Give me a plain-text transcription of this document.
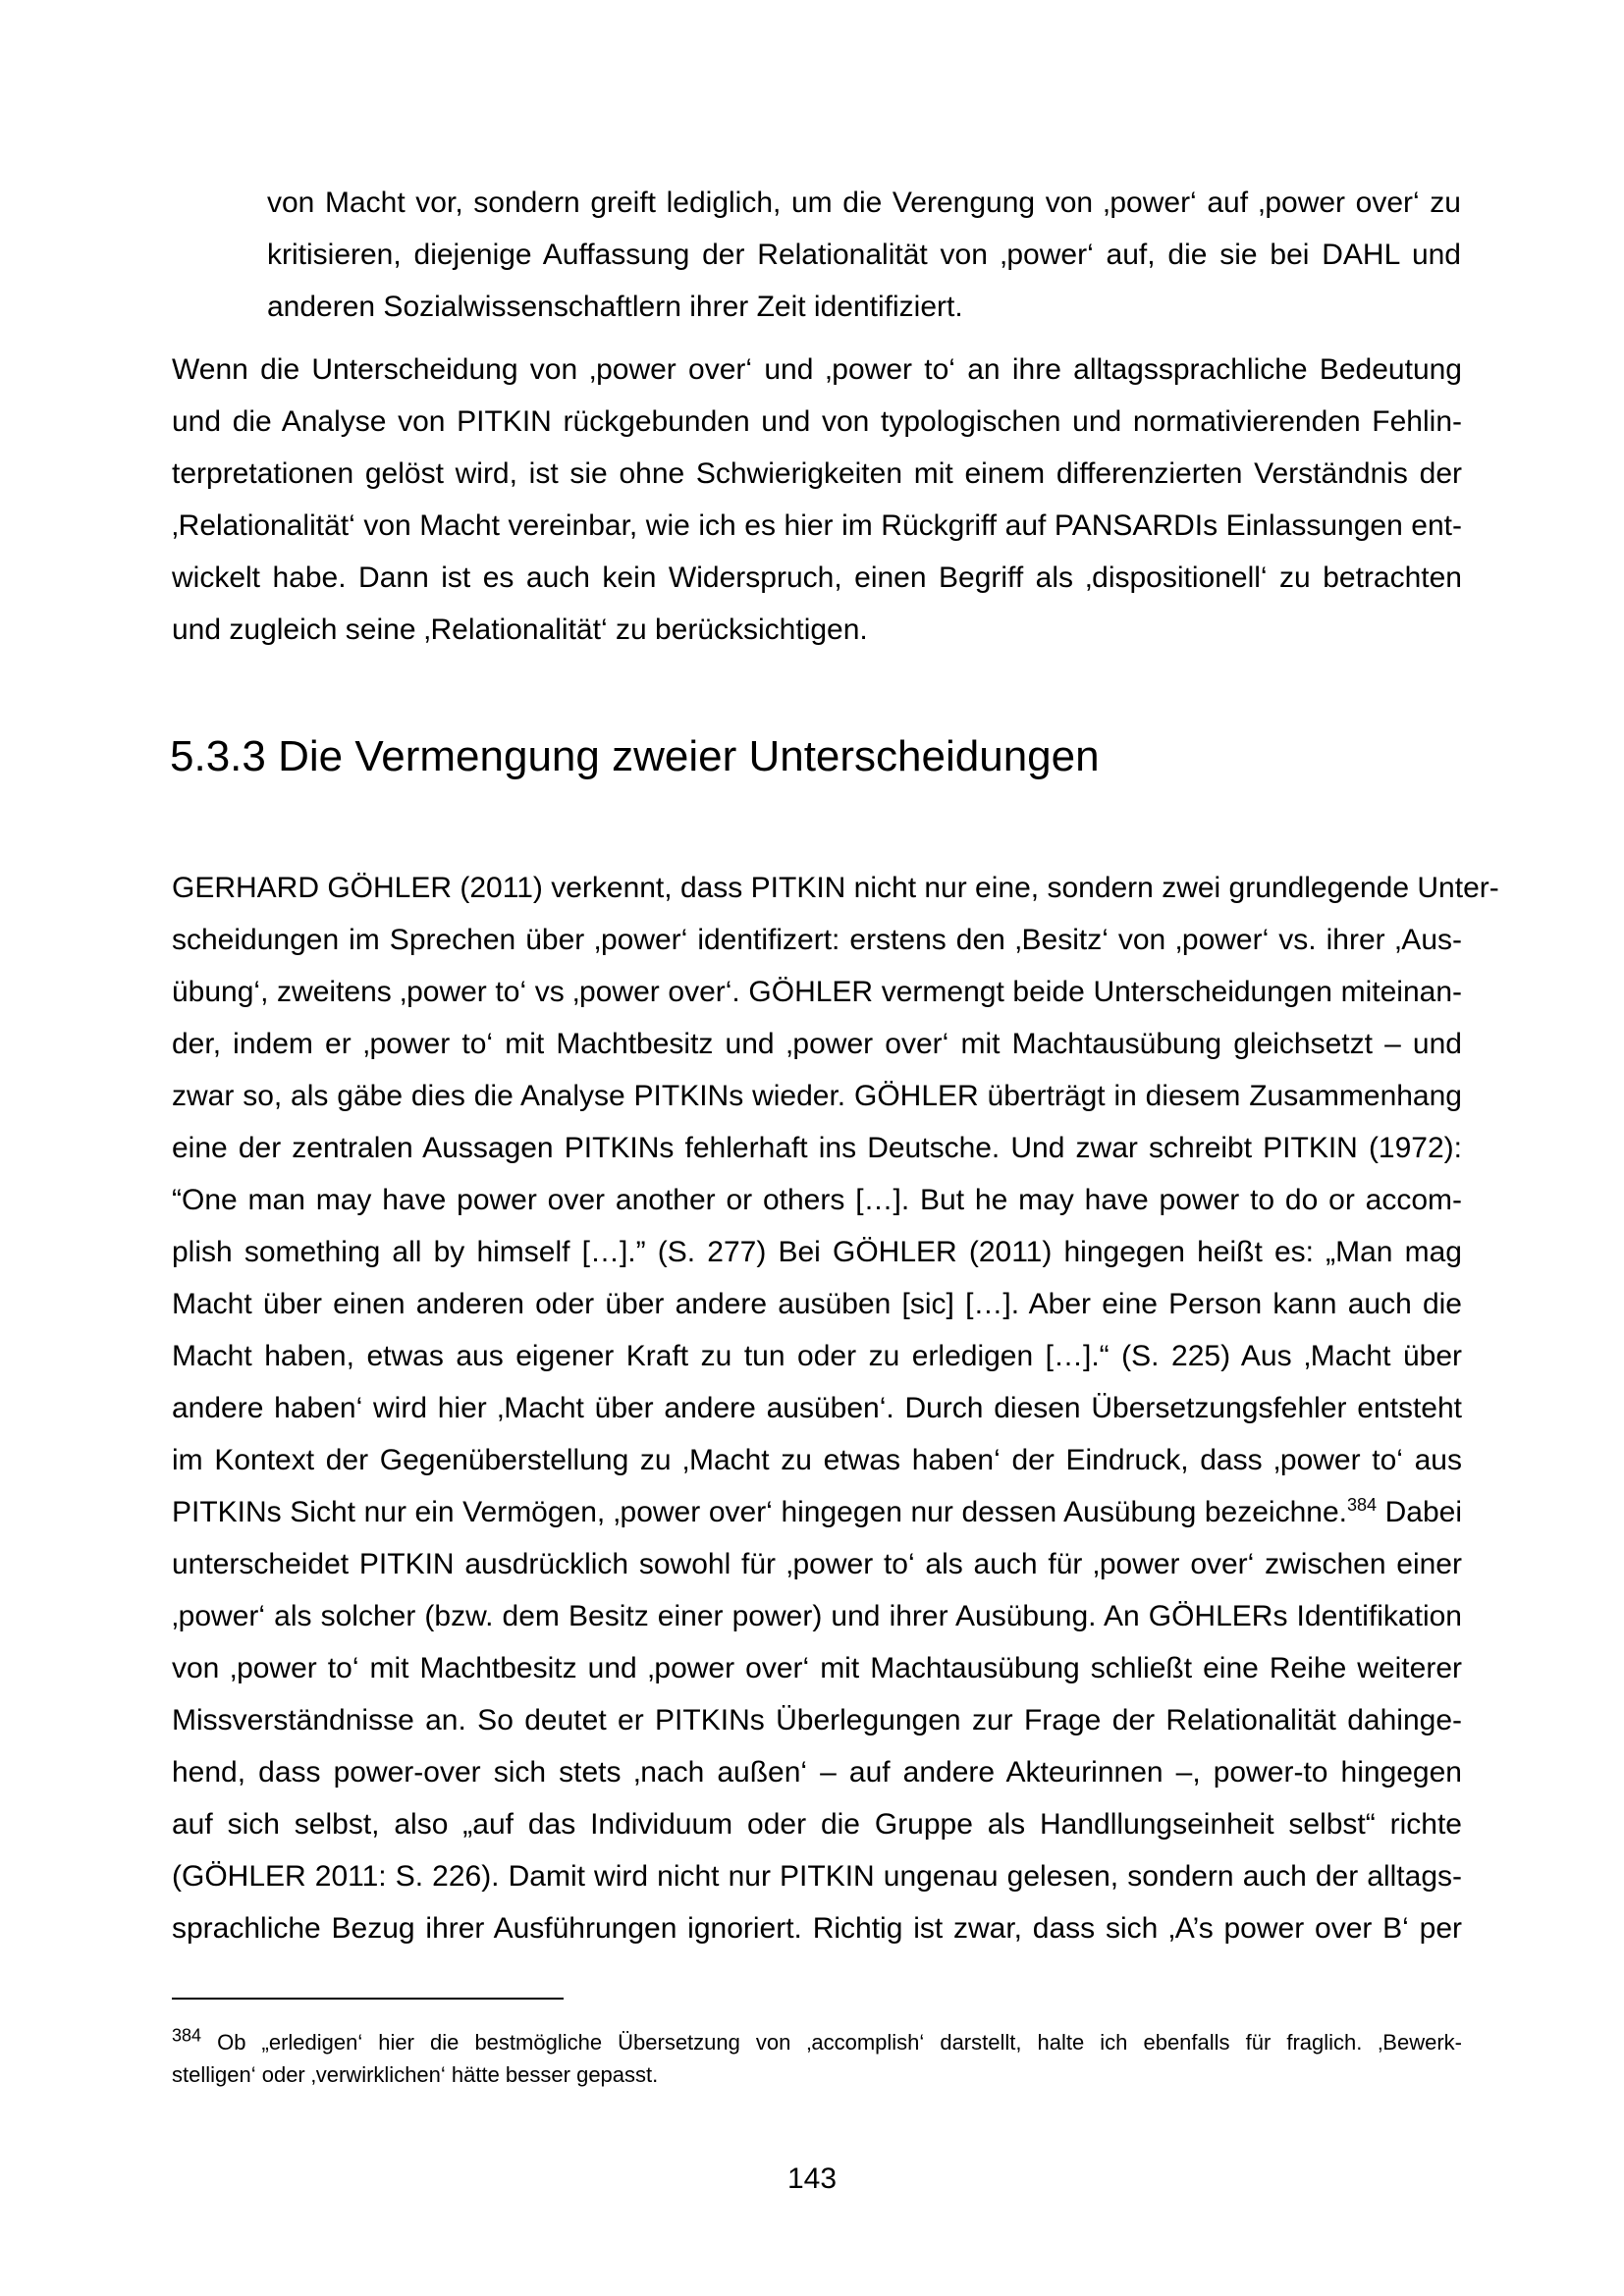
von Macht vor, sondern greift lediglich, um die Verengung von ‚power‘ auf ‚power over‘ zu
kritisieren, diejenige Auffassung der Relationalität von ‚power‘ auf, die sie bei DAHL und
anderen Sozialwissenschaftlern ihrer Zeit identifiziert.
Wenn die Unterscheidung von ‚power over‘ und ‚power to‘ an ihre alltagssprachliche Bedeutung
und die Analyse von PITKIN rückgebunden und von typologischen und normativierenden Fehlin-
terpretationen gelöst wird, ist sie ohne Schwierigkeiten mit einem differenzierten Verständnis der
‚Relationalität‘ von Macht vereinbar, wie ich es hier im Rückgriff auf PANSARDIs Einlassungen ent-
wickelt habe. Dann ist es auch kein Widerspruch, einen Begriff als ‚dispositionell‘ zu betrachten
und zugleich seine ‚Relationalität‘ zu berücksichtigen.
5.3.3 Die Vermengung zweier Unterscheidungen
GERHARD GÖHLER (2011) verkennt, dass PITKIN nicht nur eine, sondern zwei grundlegende Unter-
scheidungen im Sprechen über ‚power‘ identifizert: erstens den ‚Besitz‘ von ‚power‘ vs. ihrer ‚Aus-
übung‘, zweitens ‚power to‘ vs ‚power over‘. GÖHLER vermengt beide Unterscheidungen miteinan-
der, indem er ‚power to‘ mit Machtbesitz und ‚power over‘ mit Machtausübung gleichsetzt – und
zwar so, als gäbe dies die Analyse PITKINs wieder. GÖHLER überträgt in diesem Zusammenhang
eine der zentralen Aussagen PITKINs fehlerhaft ins Deutsche. Und zwar schreibt PITKIN (1972):
“One man may have power over another or others […]. But he may have power to do or accom-
plish something all by himself […].” (S. 277) Bei GÖHLER (2011) hingegen heißt es: „Man mag
Macht über einen anderen oder über andere ausüben [sic] […]. Aber eine Person kann auch die
Macht haben, etwas aus eigener Kraft zu tun oder zu erledigen […].“ (S. 225) Aus ‚Macht über
andere haben‘ wird hier ‚Macht über andere ausüben‘. Durch diesen Übersetzungsfehler entsteht
im Kontext der Gegenüberstellung zu ‚Macht zu etwas haben‘ der Eindruck, dass ‚power to‘ aus
PITKINs Sicht nur ein Vermögen, ‚power over‘ hingegen nur dessen Ausübung bezeichne.$^{384}$ Dabei
unterscheidet PITKIN ausdrücklich sowohl für ‚power to‘ als auch für ‚power over‘ zwischen einer
‚power‘ als solcher (bzw. dem Besitz einer power) und ihrer Ausübung. An GÖHLERs Identifikation
von ‚power to‘ mit Machtbesitz und ‚power over‘ mit Machtausübung schließt eine Reihe weiterer
Missverständnisse an. So deutet er PITKINs Überlegungen zur Frage der Relationalität dahinge-
hend, dass power-over sich stets ‚nach außen‘ – auf andere Akteurinnen –, power-to hingegen
auf sich selbst, also „auf das Individuum oder die Gruppe als Handllungseinheit selbst“ richte
(GÖHLER 2011: S. 226). Damit wird nicht nur PITKIN ungenau gelesen, sondern auch der alltags-
sprachliche Bezug ihrer Ausführungen ignoriert. Richtig ist zwar, dass sich ‚A’s power over B‘ per
$^{384}$ Ob „erledigen‘ hier die bestmögliche Übersetzung von ‚accomplish‘ darstellt, halte ich ebenfalls für fraglich. ‚Bewerk-
stelligen‘ oder ‚verwirklichen‘ hätte besser gepasst.
143
